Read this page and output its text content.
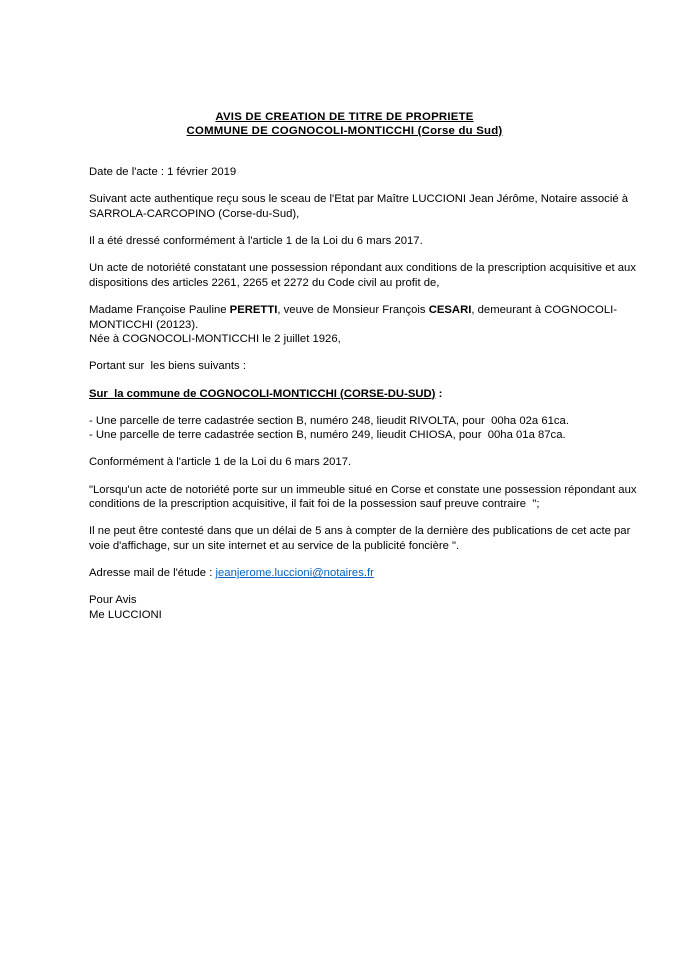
AVIS DE CREATION DE TITRE DE PROPRIETE
COMMUNE DE COGNOCOLI-MONTICCHI (Corse du Sud)

Date de l'acte : 1 février 2019

Suivant acte authentique reçu sous le sceau de l'Etat par Maître LUCCIONI Jean Jérôme, Notaire associé à SARROLA-CARCOPINO (Corse-du-Sud),

Il a été dressé conformément à l'article 1 de la Loi du 6 mars 2017.

Un acte de notoriété constatant une possession répondant aux conditions de la prescription acquisitive et aux dispositions des articles 2261, 2265 et 2272 du Code civil au profit de,

Madame Françoise Pauline PERETTI, veuve de Monsieur François CESARI, demeurant à COGNOCOLI-MONTICCHI (20123).

Née à COGNOCOLI-MONTICCHI le 2 juillet 1926,

Portant sur  les biens suivants :

Sur  la commune de COGNOCOLI-MONTICCHI (CORSE-DU-SUD) :

- Une parcelle de terre cadastrée section B, numéro 248, lieudit RIVOLTA, pour  00ha 02a 61ca.

- Une parcelle de terre cadastrée section B, numéro 249, lieudit CHIOSA, pour  00ha 01a 87ca.

Conformément à l'article 1 de la Loi du 6 mars 2017.

"Lorsqu'un acte de notoriété porte sur un immeuble situé en Corse et constate une possession répondant aux conditions de la prescription acquisitive, il fait foi de la possession sauf preuve contraire  ";

Il ne peut être contesté dans que un délai de 5 ans à compter de la dernière des publications de cet acte par voie d'affichage, sur un site internet et au service de la publicité foncière ".

Adresse mail de l'étude : jeanjerome.luccioni@notaires.fr

Pour Avis

Me LUCCIONI
